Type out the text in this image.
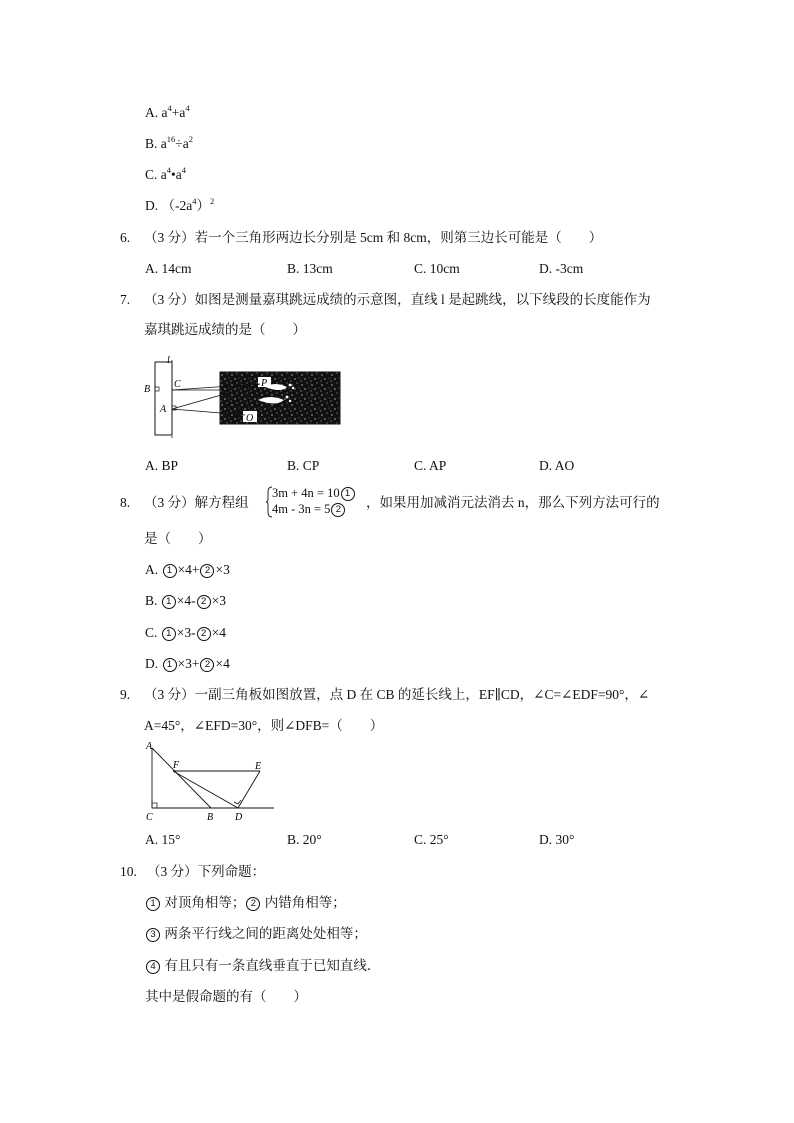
A. $a^4+a^4$
B. $a^{16}\div a^2$
C. $a^4•a^4$
D. $(-2a^4)^2$
6. （3 分）若一个三角形两边长分别是 5cm 和 8cm，则第三边长可能是（　　）
A. 14cm	B. 13cm	C. 10cm	D. -3cm
7. （3 分）如图是测量嘉琪跳远成绩的示意图，直线 l 是起跳线，以下线段的长度能作为
嘉琪跳远成绩的是（　　）
l
B C
A
P
O
A. BP	B. CP	C. AP	D. AO
8. （3 分）解方程组
3m + 4n = 10 1
4m - 3n = 5 2	，如果用加减消元法消去 n，那么下列方法可行的
是（　　）
A. 1 ×4+ 2 ×3
B. 1 ×4- 2 ×3
C. 1 ×3- 2 ×4
D. 1 ×3+ 2 ×4
9. （3 分）一副三角板如图放置，点 D 在 CB 的延长线上，EF∥CD，∠C=∠EDF=90°，∠
A=45°，∠EFD=30°，则∠DFB=（　　）
A
F	E
C	B D
A. 15°	B. 20°	C. 25°	D. 30°
10. （3 分）下列命题：
1 对顶角相等； 2 内错角相等；
3 两条平行线之间的距离处处相等；
4 有且只有一条直线垂直于已知直线．
其中是假命题的有（　　）
